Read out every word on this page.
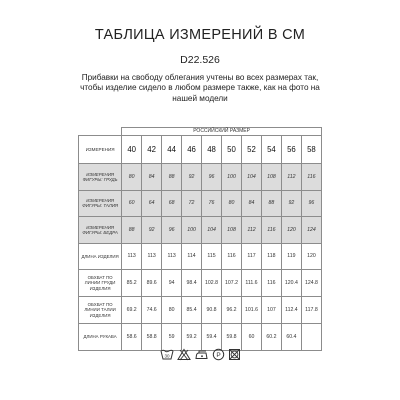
ТАБЛИЦА ИЗМЕРЕНИЙ В СМ
D22.526
Прибавки на свободу облегания учтены во всех размерах так, чтобы изделие сидело в любом размере также, как на фото на нашей модели
	РОССИЙСКИЙ РАЗМЕР									
ИЗМЕРЕНИЯ	40	42	44	46	48	50	52	54	56	58
ИЗМЕРЕНИЯ ФИГУРЫ: ГРУДЬ	80	84	88	92	96	100	104	108	112	116
ИЗМЕРЕНИЯ ФИГУРЫ: ТАЛИЯ	60	64	68	72	76	80	84	88	92	96
ИЗМЕРЕНИЯ ФИГУРЫ: БЕДРА	88	92	96	100	104	108	112	116	120	124
ДЛИНА ИЗДЕЛИЯ	113	113	113	114	115	116	117	118	119	120
ОБХВАТ ПО ЛИНИИ ГРУДИ ИЗДЕЛИЯ	85.2	89.6	94	98.4	102.8	107.2	111.6	116	120.4	124.8
ОБХВАТ ПО ЛИНИИ ТАЛИИ ИЗДЕЛИЯ	69.2	74.6	80	85.4	90.8	96.2	101.6	107	112.4	117.8
ДЛИНА РУКАВА	58.6	58.8	59	59.2	59.4	59.8	60	60.2	60.4	
30	P
